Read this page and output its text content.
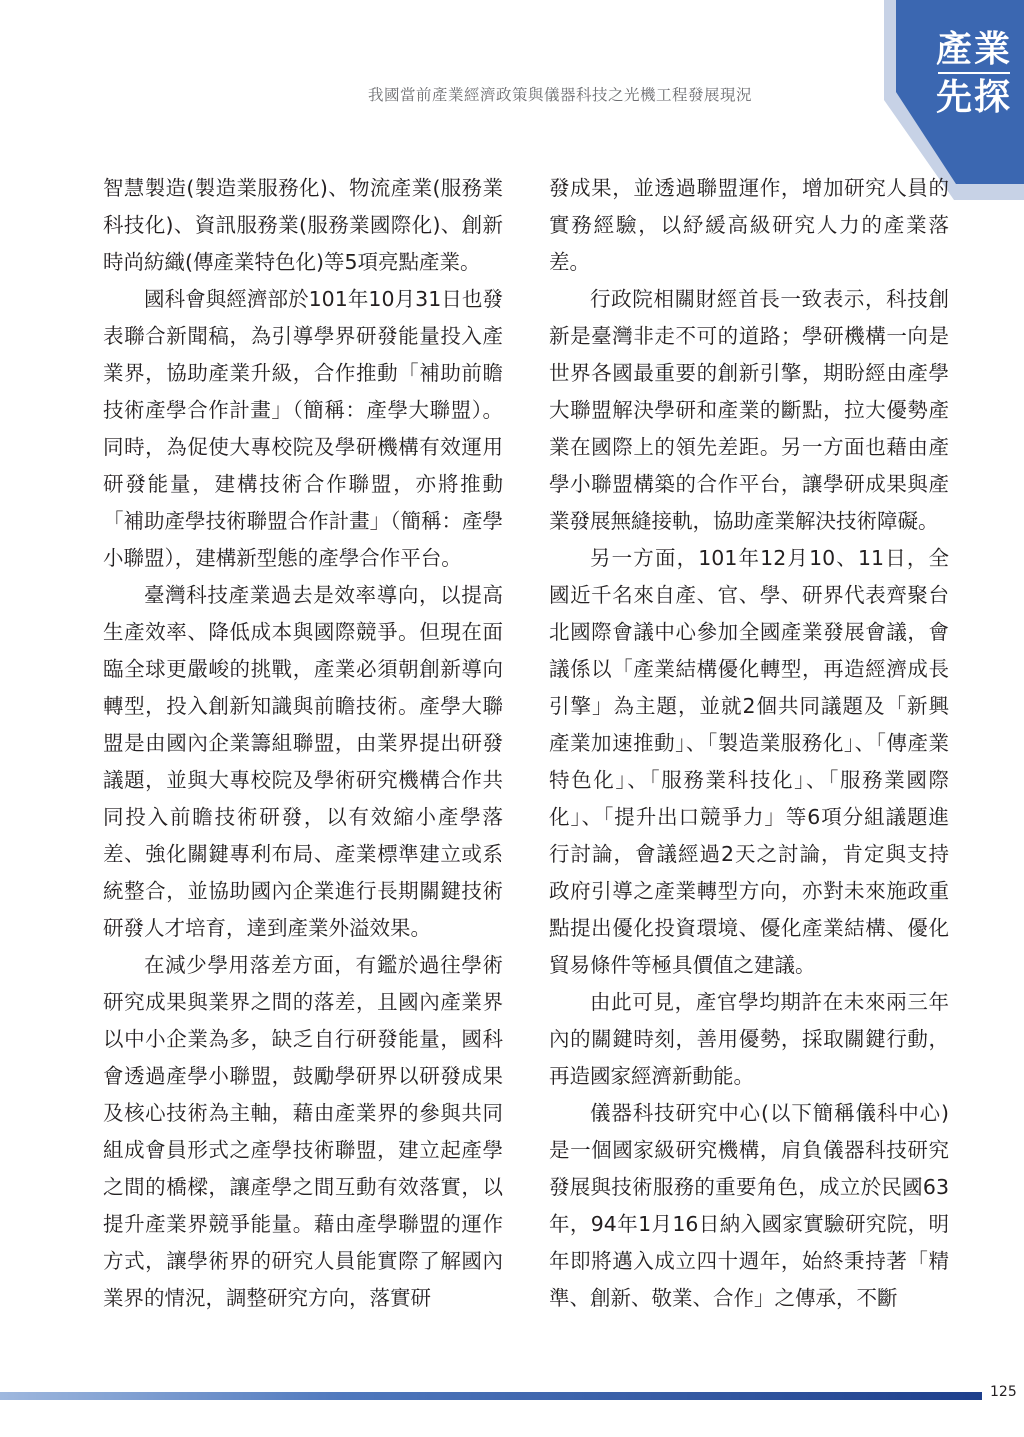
產業
先探
我國當前產業經濟政策與儀器科技之光機工程發展現況

智慧製造(製造業服務化)、物流產業(服務業科技化)、資訊服務業(服務業國際化)、創新時尚紡織(傳產業特色化)等5項亮點產業。

國科會與經濟部於101年10月31日也發表聯合新聞稿，為引導學界研發能量投入產業界，協助產業升級，合作推動「補助前瞻技術產學合作計畫」（簡稱：產學大聯盟）。同時，為促使大專校院及學研機構有效運用研發能量，建構技術合作聯盟，亦將推動「補助產學技術聯盟合作計畫」（簡稱：產學小聯盟），建構新型態的產學合作平台。

臺灣科技產業過去是效率導向，以提高生產效率、降低成本與國際競爭。但現在面臨全球更嚴峻的挑戰，產業必須朝創新導向轉型，投入創新知識與前瞻技術。產學大聯盟是由國內企業籌組聯盟，由業界提出研發議題，並與大專校院及學術研究機構合作共同投入前瞻技術研發，以有效縮小產學落差、強化關鍵專利布局、產業標準建立或系統整合，並協助國內企業進行長期關鍵技術研發人才培育，達到產業外溢效果。

在減少學用落差方面，有鑑於過往學術研究成果與業界之間的落差，且國內產業界以中小企業為多，缺乏自行研發能量，國科會透過產學小聯盟，鼓勵學研界以研發成果及核心技術為主軸，藉由產業界的參與共同組成會員形式之產學技術聯盟，建立起產學之間的橋樑，讓產學之間互動有效落實，以提升產業界競爭能量。藉由產學聯盟的運作方式，讓學術界的研究人員能實際了解國內業界的情況，調整研究方向，落實研

發成果，並透過聯盟運作，增加研究人員的實務經驗，以紓緩高級研究人力的產業落差。

行政院相關財經首長一致表示，科技創新是臺灣非走不可的道路；學研機構一向是世界各國最重要的創新引擎，期盼經由產學大聯盟解決學研和產業的斷點，拉大優勢產業在國際上的領先差距。另一方面也藉由產學小聯盟構築的合作平台，讓學研成果與產業發展無縫接軌，協助產業解決技術障礙。

另一方面，101年12月10、11日，全國近千名來自產、官、學、研界代表齊聚台北國際會議中心參加全國產業發展會議，會議係以「產業結構優化轉型，再造經濟成長引擎」為主題，並就2個共同議題及「新興產業加速推動」、「製造業服務化」、「傳產業特色化」、「服務業科技化」、「服務業國際化」、「提升出口競爭力」等6項分組議題進行討論，會議經過2天之討論，肯定與支持政府引導之產業轉型方向，亦對未來施政重點提出優化投資環境、優化產業結構、優化貿易條件等極具價值之建議。

由此可見，產官學均期許在未來兩三年內的關鍵時刻，善用優勢，採取關鍵行動，再造國家經濟新動能。

儀器科技研究中心(以下簡稱儀科中心)是一個國家級研究機構，肩負儀器科技研究發展與技術服務的重要角色，成立於民國63年，94年1月16日納入國家實驗研究院，明年即將邁入成立四十週年，始終秉持著「精準、創新、敬業、合作」之傳承，不斷

125
